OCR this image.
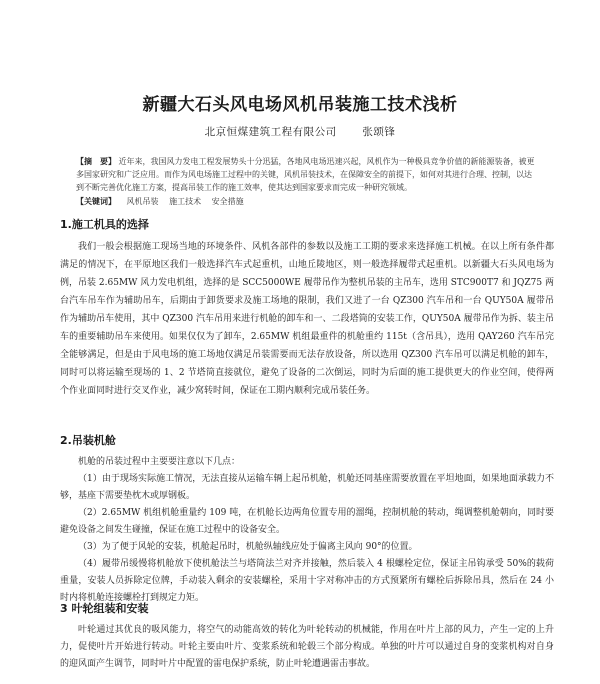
新疆大石头风电场风机吊装施工技术浅析
北京恒煤建筑工程有限公司 张颂锋
【摘　要】 近年来，我国风力发电工程发展势头十分迅猛，各地风电场迅速兴起，风机作为一种极具竞争价值的新能源装备，被更多国家研究和广泛应用。而作为风电场施工过程中的关键，风机吊装技术，在保障安全的前提下，如何对其进行合理、控制，以达到不断完善优化施工方案，提高吊装工作的施工效率，使其达到国家要求而完成一种研究领域。
【关键词】 风机吊装 施工技术 安全措施
1.施工机具的选择

我们一般会根据施工现场当地的环境条件、风机各部件的参数以及施工工期的要求来选择施工机械。在以上所有条件都满足的情况下，在平原地区我们一般选择汽车式起重机，山地丘陵地区，则一般选择履带式起重机。以新疆大石头风电场为例，吊装 2.65MW 风力发电机组，选择的是 SCC5000WE 履带吊作为整机吊装的主吊车，选用 STC900T7 和 JQZ75 两台汽车吊车作为辅助吊车，后期由于卸货要求及施工场地的限制，我们又进了一台 QZ300 汽车吊和一台 QUY50A 履带吊作为辅助吊车使用，其中 QZ300 汽车吊用来进行机舱的卸车和一、二段塔筒的安装工作，QUY50A 履带吊作为拆、装主吊车的重要辅助吊车来使用。如果仅仅为了卸车，2.65MW 机组最重件的机舱重约 115t（含吊具），选用 QAY260 汽车吊完全能够满足，但是由于风电场的施工场地仅满足吊装需要而无法存放设备，所以选用 QZ300 汽车吊可以满足机舱的卸车，同时可以将运输至现场的 1、2 节塔筒直接就位，避免了设备的二次倒运，同时为后面的施工提供更大的作业空间，使得两个作业面同时进行交叉作业，减少窝转时间，保证在工期内顺利完成吊装任务。

2.吊装机舱

机舱的吊装过程中主要要注意以下几点：

（1）由于现场实际施工情况，无法直接从运输车辆上起吊机舱，机舱还同基座需要放置在平坦地面，如果地面承载力不够，基座下需要垫枕木或厚钢板。

（2）2.65MW 机组机舱重量约 109 吨，在机舱长边两角位置专用的溜绳，控制机舱的转动，绳调整机舱朝向，同时要避免设备之间发生碰撞，保证在施工过程中的设备安全。

（3）为了便于风轮的安装，机舱起吊时，机舱纵轴线应处于偏离主风向 90°的位置。

（4）履带吊缓慢将机舱放下使机舱法兰与塔筒法兰对齐并接触，然后装入 4 根螺栓定位，保证主吊钩承受 50%的载荷重量，安装人员拆除定位牌，手动装入剩余的安装螺栓，采用十字对称冲击的方式预紧所有螺栓后拆除吊具，然后在 24 小时内将机舱连接螺栓打到规定力矩。

3 叶轮组装和安装

叶轮通过其优良的吸风能力，将空气的动能高效的转化为叶轮转动的机械能，作用在叶片上部的风力，产生一定的上升力，促使叶片开始进行转动。叶轮主要由叶片、变浆系统和轮毂三个部分构成。单独的叶片可以通过自身的变浆机构对自身的迎风面产生调节，同时叶片中配置的雷电保护系统，防止叶轮遭遇雷击事故。
